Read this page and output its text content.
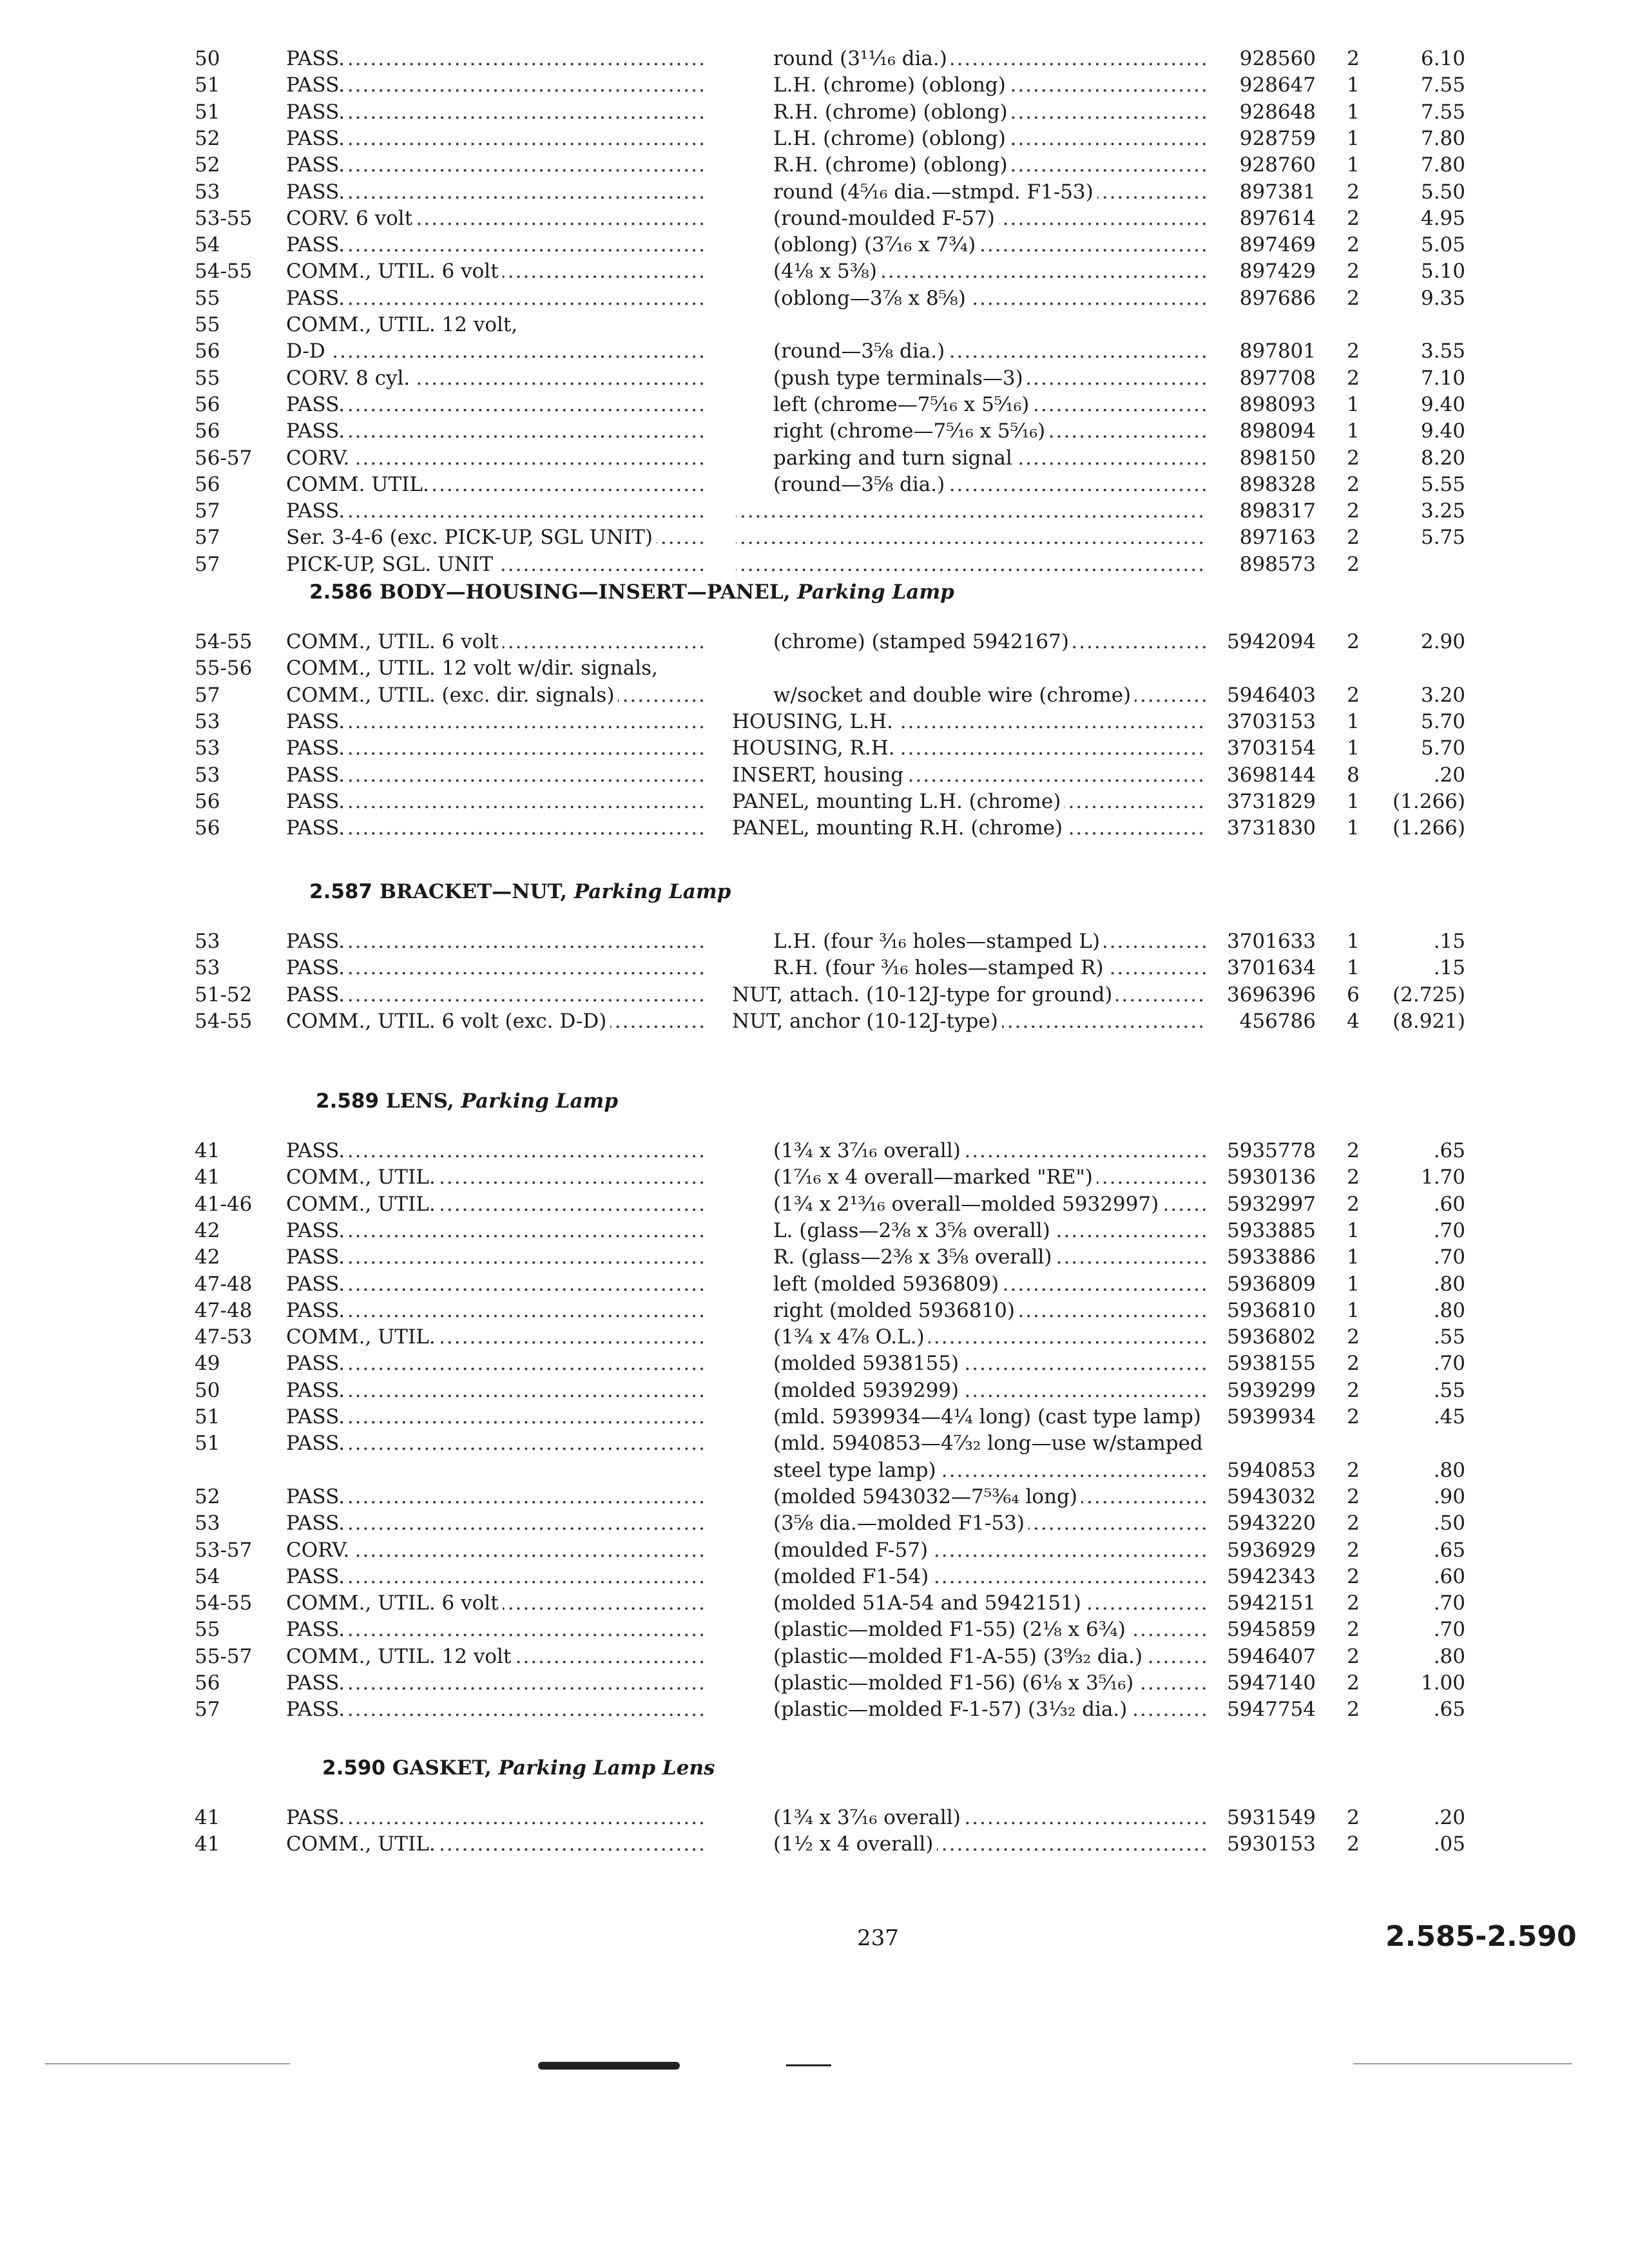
50	PASS. .....	round (3¹¹⁄₁₆ dia.) .....	928560	2	6.10
51	PASS. .....	L.H. (chrome) (oblong) .....	928647	1	7.55
51	PASS. .....	R.H. (chrome) (oblong) .....	928648	1	7.55
52	PASS. .....	L.H. (chrome) (oblong) .....	928759	1	7.80
52	PASS. .....	R.H. (chrome) (oblong) .....	928760	1	7.80
53	PASS. .....	round (4⁵⁄₁₆ dia.—stmpd. F1-53) .....	897381	2	5.50
53-55 CORV. 6 volt .....	(round-moulded F-57) .....	897614	2	4.95
54	PASS. .....	(oblong) (3⁷⁄₁₆ x 7¾) .....	897469	2	5.05
54-55 COMM., UTIL. 6 volt .....	(4⅛ x 5⅜) .....	897429	2	5.10
55	PASS. .....	(oblong—3⅞ x 8⅝) .....	897686	2	9.35
55	COMM., UTIL. 12 volt,
56	D-D .....	(round—3⅝ dia.) .....	897801	2	3.55
55	CORV. 8 cyl. .....	(push type terminals—3) .....	897708	2	7.10
56	PASS. .....	left (chrome—7⁵⁄₁₆ x 5⁵⁄₁₆) .....	898093	1	9.40
56	PASS. .....	right (chrome—7⁵⁄₁₆ x 5⁵⁄₁₆) .....	898094	1	9.40
56-57 CORV. .....	parking and turn signal .....	898150	2	8.20
56	COMM. UTIL. .....	(round—3⅝ dia.) .....	898328	2	5.55
57	PASS. ..... .....	898317	2	3.25
57	Ser. 3-4-6 (exc. PICK-UP, SGL UNIT) ..... .....	897163	2	5.75
57	PICK-UP, SGL. UNIT ..... .....	898573	2
2.586 BODY—HOUSING—INSERT—PANEL, Parking Lamp
54-55 COMM., UTIL. 6 volt .....	(chrome) (stamped 5942167) .....	5942094	2	2.90
55-56 COMM., UTIL. 12 volt w/dir. signals,
57	COMM., UTIL. (exc. dir. signals) .....	w/socket and double wire (chrome) .....	5946403	2	3.20
53	PASS. .....	HOUSING, L.H. .....	3703153	1	5.70
53	PASS. .....	HOUSING, R.H. .....	3703154	1	5.70
53	PASS. .....	INSERT, housing .....	3698144	8	.20
56	PASS. .....	PANEL, mounting L.H. (chrome) .....	3731829	1	(1.266)
56	PASS. .....	PANEL, mounting R.H. (chrome) .....	3731830	1	(1.266)
2.587 BRACKET—NUT, Parking Lamp
53	PASS. .....	L.H. (four ³⁄₁₆ holes—stamped L) .....	3701633	1	.15
53	PASS. .....	R.H. (four ³⁄₁₆ holes—stamped R) .....	3701634	1	.15
51-52 PASS. .....	NUT, attach. (10-12J-type for ground) .....	3696396	6	(2.725)
54-55 COMM., UTIL. 6 volt (exc. D-D) .....	NUT, anchor (10-12J-type) .....	456786	4	(8.921)
2.589 LENS, Parking Lamp
41	PASS. .....	(1¾ x 3⁷⁄₁₆ overall) .....	5935778	2	.65
41	COMM., UTIL. .....	(1⁷⁄₁₆ x 4 overall—marked "RE") .....	5930136	2	1.70
41-46 COMM., UTIL. .....	(1¾ x 2¹³⁄₁₆ overall—molded 5932997) .....	5932997	2	.60
42	PASS. .....	L. (glass—2³⁄₈ x 3⅝ overall) .....	5933885	1	.70
42	PASS. .....	R. (glass—2³⁄₈ x 3⅝ overall) .....	5933886	1	.70
47-48 PASS. .....	left (molded 5936809) .....	5936809	1	.80
47-48 PASS. .....	right (molded 5936810) .....	5936810	1	.80
47-53 COMM., UTIL. .....	(1¾ x 4⅞ O.L.) .....	5936802	2	.55
49	PASS. .....	(molded 5938155) .....	5938155	2	.70
50	PASS. .....	(molded 5939299) .....	5939299	2	.55
51	PASS. .....	(mld. 5939934—4¼ long) (cast type lamp)	5939934	2	.45
51	PASS. .....	(mld. 5940853—4⁷⁄₃₂ long—use w/stamped
steel type lamp) .....	5940853	2	.80
52	PASS. .....	(molded 5943032—7⁵³⁄₆₄ long) .....	5943032	2	.90
53	PASS. .....	(3⅝ dia.—molded F1-53) .....	5943220	2	.50
53-57 CORV. .....	(moulded F-57) .....	5936929	2	.65
54	PASS. .....	(molded F1-54) .....	5942343	2	.60
54-55 COMM., UTIL. 6 volt .....	(molded 51A-54 and 5942151) .....	5942151	2	.70
55	PASS. .....	(plastic—molded F1-55) (2⅛ x 6¾) .....	5945859	2	.70
55-57 COMM., UTIL. 12 volt .....	(plastic—molded F1-A-55) (3⁹⁄₃₂ dia.) .....	5946407	2	.80
56	PASS. .....	(plastic—molded F1-56) (6⅛ x 3⁵⁄₁₆) .....	5947140	2	1.00
57	PASS. .....	(plastic—molded F-1-57) (3¹⁄₃₂ dia.) .....	5947754	2	.65
2.590 GASKET, Parking Lamp Lens
41	PASS. .....	(1¾ x 3⁷⁄₁₆ overall) .....	5931549	2	.20
41	COMM., UTIL. .....	(1½ x 4 overall) .....	5930153	2	.05
237	2.585-2.590
